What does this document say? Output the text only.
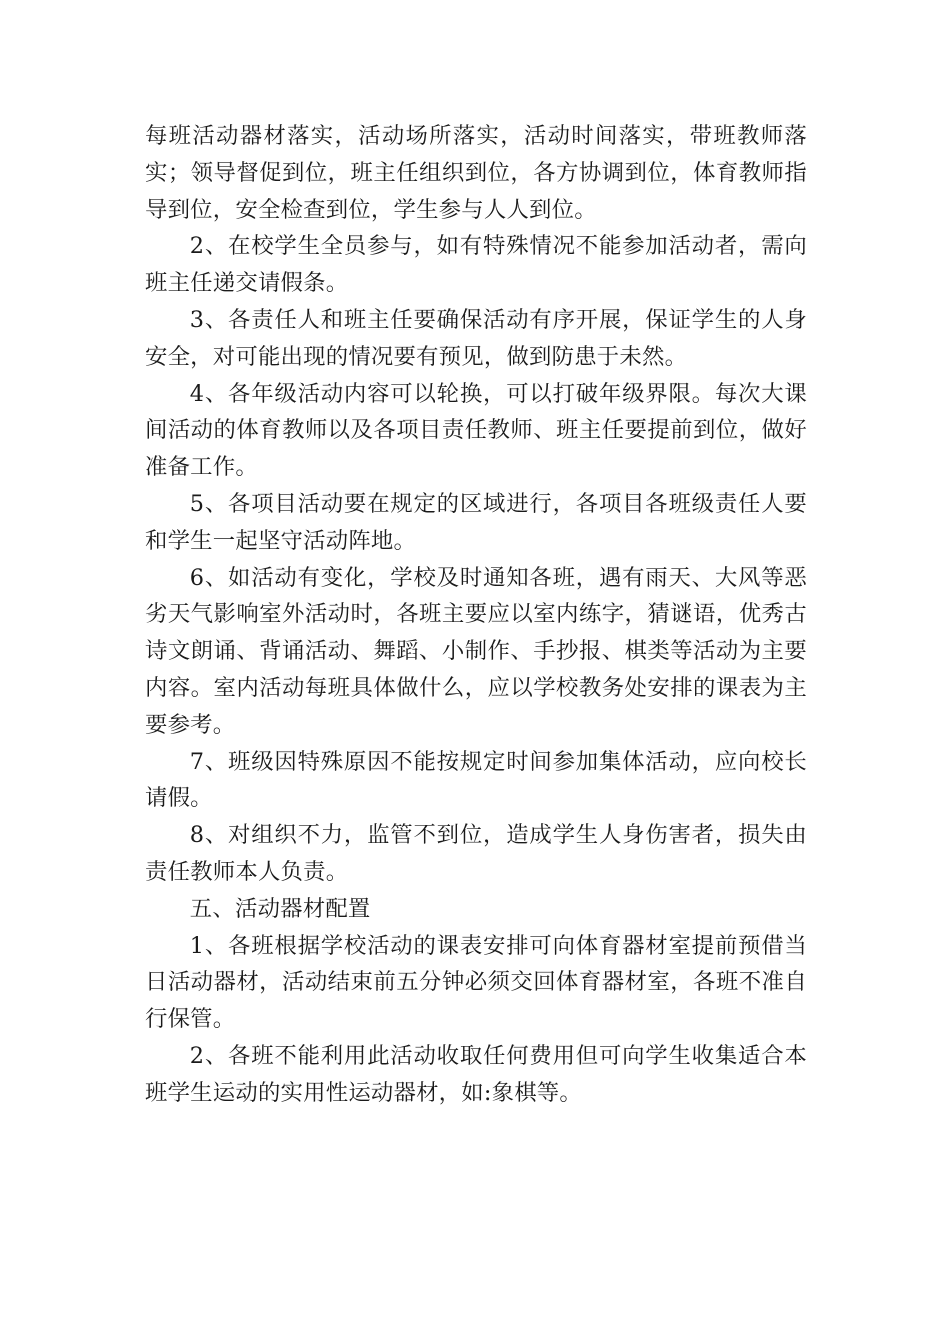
每班活动器材落实，活动场所落实，活动时间落实，带班教师落实；领导督促到位，班主任组织到位，各方协调到位，体育教师指导到位，安全检查到位，学生参与人人到位。

2、在校学生全员参与，如有特殊情况不能参加活动者，需向班主任递交请假条。

3、各责任人和班主任要确保活动有序开展，保证学生的人身安全，对可能出现的情况要有预见，做到防患于未然。

4、各年级活动内容可以轮换，可以打破年级界限。每次大课间活动的体育教师以及各项目责任教师、班主任要提前到位，做好准备工作。

5、各项目活动要在规定的区域进行，各项目各班级责任人要和学生一起坚守活动阵地。

6、如活动有变化，学校及时通知各班，遇有雨天、大风等恶劣天气影响室外活动时，各班主要应以室内练字，猜谜语，优秀古诗文朗诵、背诵活动、舞蹈、小制作、手抄报、棋类等活动为主要内容。室内活动每班具体做什么，应以学校教务处安排的课表为主要参考。

7、班级因特殊原因不能按规定时间参加集体活动，应向校长请假。

8、对组织不力，监管不到位，造成学生人身伤害者，损失由责任教师本人负责。

五、活动器材配置

1、各班根据学校活动的课表安排可向体育器材室提前预借当日活动器材，活动结束前五分钟必须交回体育器材室，各班不准自行保管。

2、各班不能利用此活动收取任何费用但可向学生收集适合本班学生运动的实用性运动器材，如:象棋等。
